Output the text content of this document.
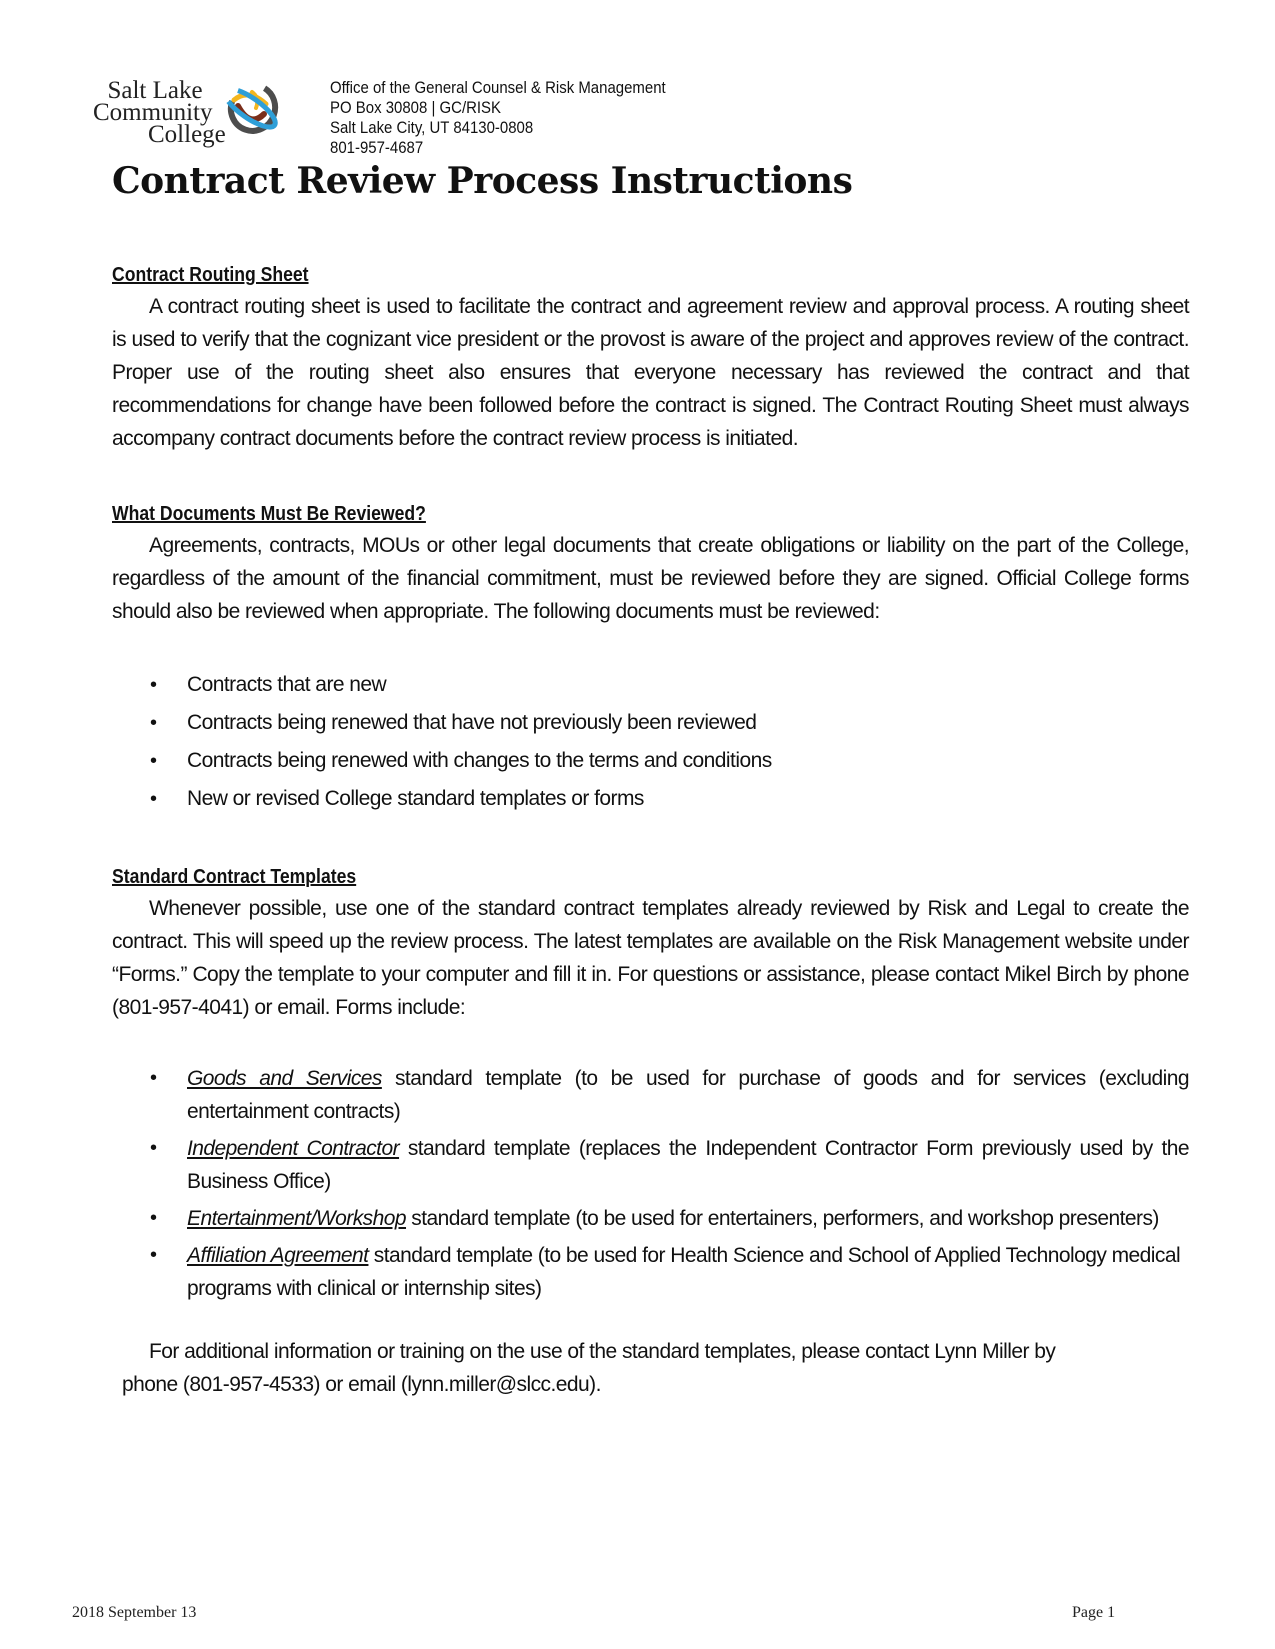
Salt Lake
Community
College
Office of the General Counsel & Risk Management
PO Box 30808 | GC/RISK
Salt Lake City, UT 84130-0808
801-957-4687
Contract Review Process Instructions
Contract Routing Sheet

A contract routing sheet is used to facilitate the contract and agreement review and approval process. A routing sheet is used to verify that the cognizant vice president or the provost is aware of the project and approves review of the contract. Proper use of the routing sheet also ensures that everyone necessary has reviewed the contract and that recommendations for change have been followed before the contract is signed. The Contract Routing Sheet must always accompany contract documents before the contract review process is initiated.

What Documents Must Be Reviewed?

Agreements, contracts, MOUs or other legal documents that create obligations or liability on the part of the College, regardless of the amount of the financial commitment, must be reviewed before they are signed. Official College forms should also be reviewed when appropriate. The following documents must be reviewed:

• Contracts that are new
• Contracts being renewed that have not previously been reviewed
• Contracts being renewed with changes to the terms and conditions
• New or revised College standard templates or forms
Standard Contract Templates

Whenever possible, use one of the standard contract templates already reviewed by Risk and Legal to create the contract. This will speed up the review process. The latest templates are available on the Risk Management website under “Forms.” Copy the template to your computer and fill it in. For questions or assistance, please contact Mikel Birch by phone (801-957-4041) or email. Forms include:

• Goods and Services standard template (to be used for purchase of goods and for services (excluding entertainment contracts)
• Independent Contractor standard template (replaces the Independent Contractor Form previously used by the Business Office)
• Entertainment/Workshop standard template (to be used for entertainers, performers, and workshop presenters)
• Affiliation Agreement standard template (to be used for Health Science and School of Applied Technology medical programs with clinical or internship sites)
For additional information or training on the use of the standard templates, please contact Lynn Miller by
phone (801-957-4533) or email (lynn.miller@slcc.edu).
2018 September 13	Page 1
